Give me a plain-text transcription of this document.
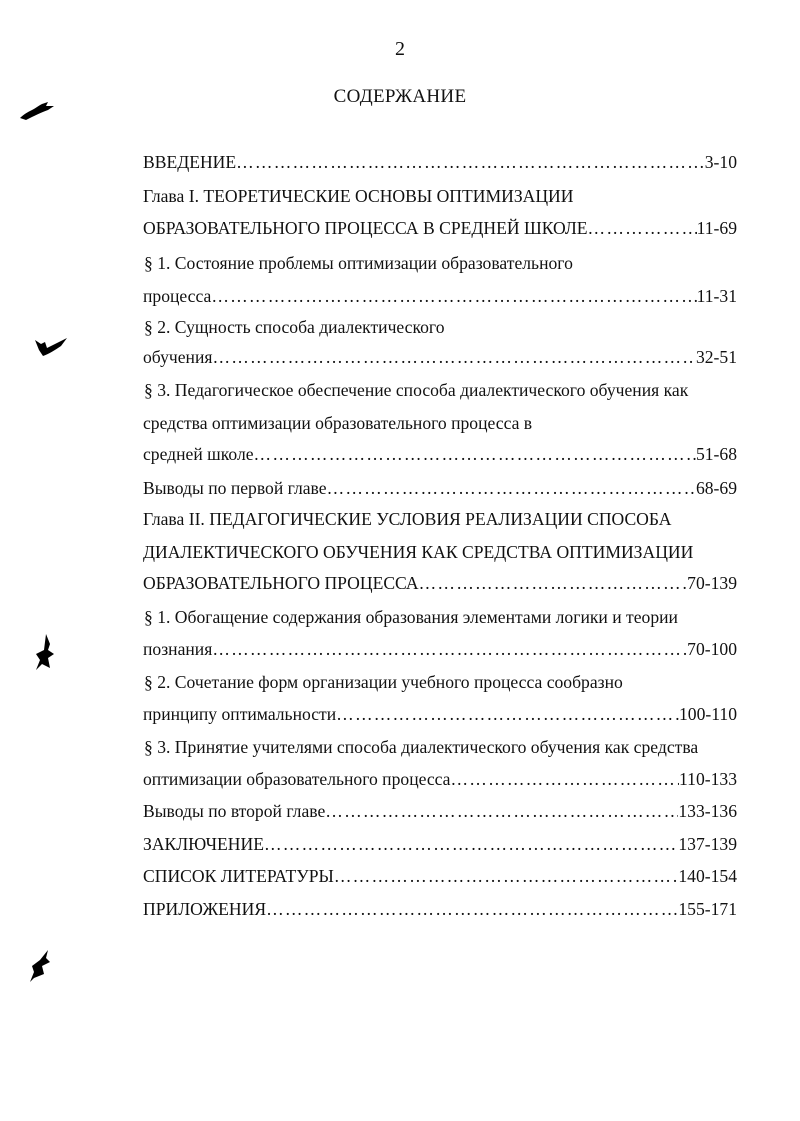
2
СОДЕРЖАНИЕ
ВВЕДЕНИЕ ……………………………………………………………………………………………………………………………………………………	3-10
Глава I. ТЕОРЕТИЧЕСКИЕ ОСНОВЫ ОПТИМИЗАЦИИ
ОБРАЗОВАТЕЛЬНОГО ПРОЦЕССА В СРЕДНЕЙ ШКОЛЕ ……………………………………………………………………………………………………………………………………………………	11-69
§ 1. Состояние проблемы оптимизации образовательного
процесса ……………………………………………………………………………………………………………………………………………………	11-31
§ 2. Сущность способа диалектического
обучения ……………………………………………………………………………………………………………………………………………………	32-51
§ 3. Педагогическое обеспечение способа диалектического обучения как
средства оптимизации образовательного процесса в
средней школе ……………………………………………………………………………………………………………………………………………………	51-68
Выводы по первой главе ……………………………………………………………………………………………………………………………………………………	68-69
Глава II. ПЕДАГОГИЧЕСКИЕ УСЛОВИЯ РЕАЛИЗАЦИИ СПОСОБА
ДИАЛЕКТИЧЕСКОГО ОБУЧЕНИЯ КАК СРЕДСТВА ОПТИМИЗАЦИИ
ОБРАЗОВАТЕЛЬНОГО ПРОЦЕССА ……………………………………………………………………………………………………………………………………………………	70-139
§ 1. Обогащение содержания образования элементами логики и теории
познания ……………………………………………………………………………………………………………………………………………………	70-100
§ 2. Сочетание форм организации учебного процесса сообразно
принципу оптимальности ……………………………………………………………………………………………………………………………………………………	100-110
§ 3. Принятие учителями способа диалектического обучения как средства
оптимизации образовательного процесса ……………………………………………………………………………………………………………………………………………………	110-133
Выводы по второй главе ……………………………………………………………………………………………………………………………………………………	133-136
ЗАКЛЮЧЕНИЕ ……………………………………………………………………………………………………………………………………………………	137-139
СПИСОК ЛИТЕРАТУРЫ ……………………………………………………………………………………………………………………………………………………	140-154
ПРИЛОЖЕНИЯ ……………………………………………………………………………………………………………………………………………………	155-171
